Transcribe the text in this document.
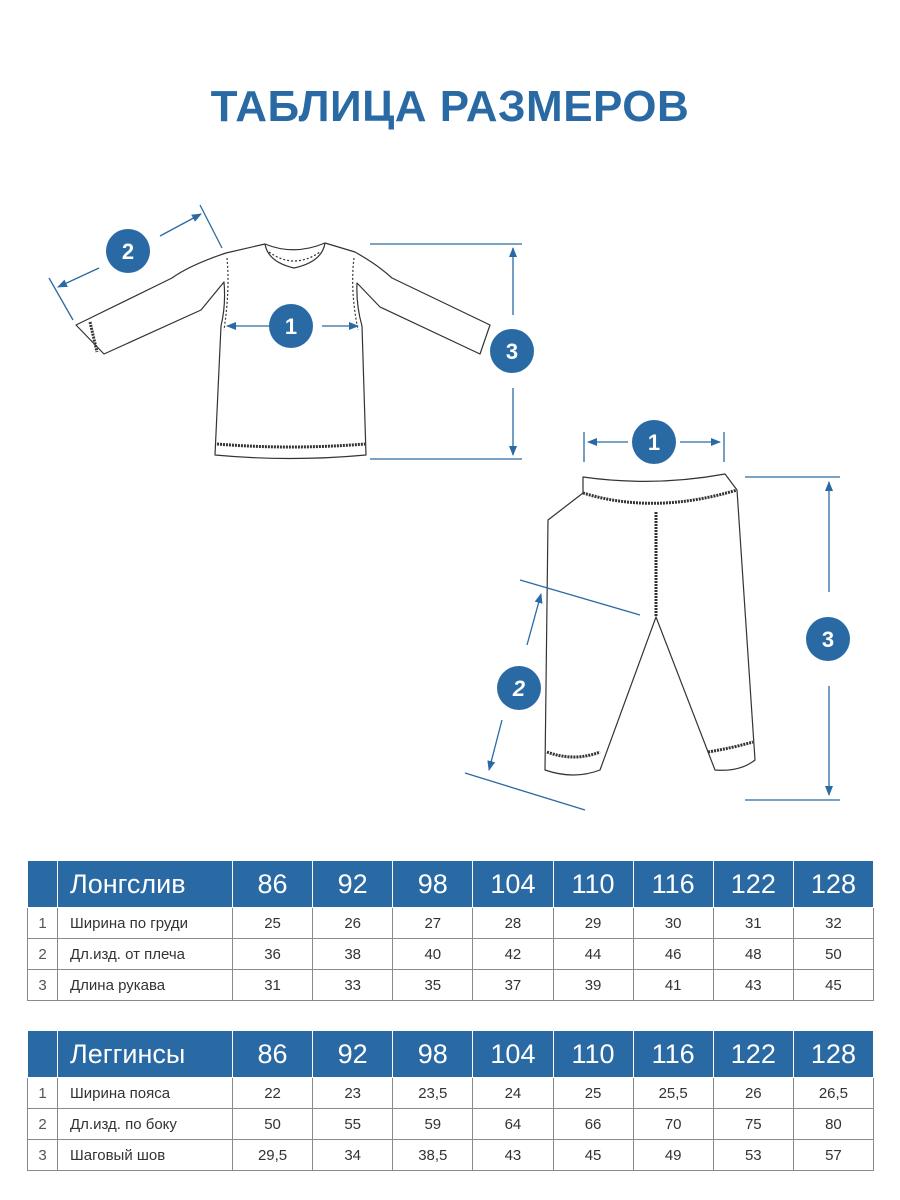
ТАБЛИЦА РАЗМЕРОВ
1
2
3
1
2
3
	Лонгслив	86	92	98	104	110	116	122	128
1	Ширина по груди	25	26	27	28	29	30	31	32
2	Дл.изд. от плеча	36	38	40	42	44	46	48	50
3	Длина рукава	31	33	35	37	39	41	43	45
	Леггинсы	86	92	98	104	110	116	122	128
1	Ширина пояса	22	23	23,5	24	25	25,5	26	26,5
2	Дл.изд. по боку	50	55	59	64	66	70	75	80
3	Шаговый шов	29,5	34	38,5	43	45	49	53	57
